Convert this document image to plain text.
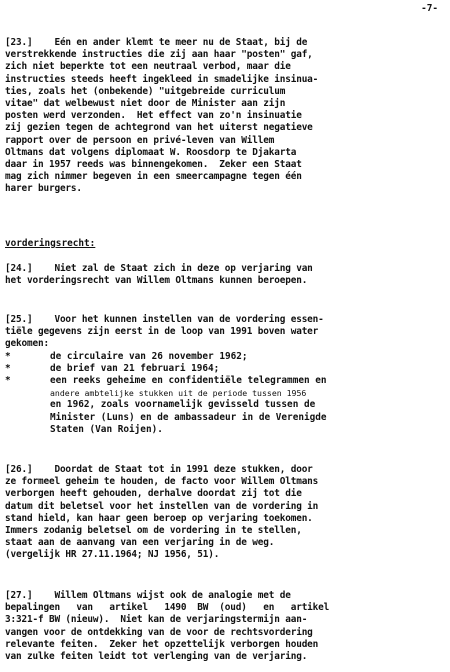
-7-
[23.]    Eén en ander klemt te meer nu de Staat, bij de
verstrekkende instructies die zij aan haar "posten" gaf,
zich niet beperkte tot een neutraal verbod, maar die
instructies steeds heeft ingekleed in smadelijke insinua-
ties, zoals het (onbekende) "uitgebreide curriculum
vitae" dat welbewust niet door de Minister aan zijn
posten werd verzonden.  Het effect van zo'n insinuatie
zij gezien tegen de achtegrond van het uiterst negatieve
rapport over de persoon en privé-leven van Willem
Oltmans dat volgens diplomaat W. Roosdorp te Djakarta
daar in 1957 reeds was binnengekomen.  Zeker een Staat
mag zich nimmer begeven in een smeercampagne tegen één
harer burgers.
vorderingsrecht:
[24.]    Niet zal de Staat zich in deze op verjaring van
het vorderingsrecht van Willem Oltmans kunnen beroepen.
[25.]    Voor het kunnen instellen van de vordering essen-
tiële gegevens zijn eerst in de loop van 1991 boven water
gekomen:

*

	de circulaire van 26 november 1962;

*

	de brief van 21 februari 1964;

*

	een reeks geheime en confidentiële telegrammen en

andere ambtelijke stukken uit de periode tussen 1956

en 1962, zoals voornamelijk gevisseld tussen de

Minister (Luns) en de ambassadeur in de Verenigde

Staten (Van Roijen).

[26.]    Doordat de Staat tot in 1991 deze stukken, door
ze formeel geheim te houden, de facto voor Willem Oltmans
verborgen heeft gehouden, derhalve doordat zij tot die
datum dit beletsel voor het instellen van de vordering in
stand hield, kan haar geen beroep op verjaring toekomen.
Immers zodanig beletsel om de vordering in te stellen,
staat aan de aanvang van een verjaring in de weg.
(vergelijk HR 27.11.1964; NJ 1956, 51).
[27.]    Willem Oltmans wijst ook de analogie met de
bepalingen   van   artikel   1490  BW  (oud)   en   artikel
3:321-f BW (nieuw).  Niet kan de verjaringstermijn aan-
vangen voor de ontdekking van de voor de rechtsvordering
relevante feiten.  Zeker het opzettelijk verborgen houden
van zulke feiten leidt tot verlenging van de verjaring.
